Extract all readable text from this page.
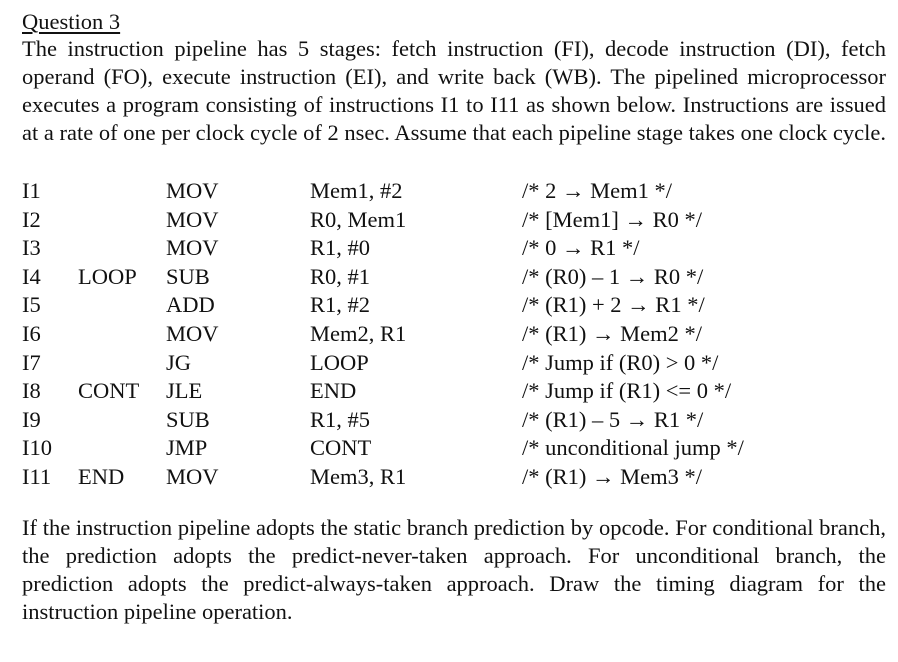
Question 3

The instruction pipeline has 5 stages: fetch instruction (FI), decode instruction (DI), fetch operand (FO), execute instruction (EI), and write back (WB). The pipelined microprocessor executes a program consisting of instructions I1 to I11 as shown below. Instructions are issued at a rate of one per clock cycle of 2 nsec. Assume that each pipeline stage takes one clock cycle.

I1	MOV	Mem1, #2	/* 2 → Mem1 */
I2	MOV	R0, Mem1	/* [Mem1] → R0 */
I3	MOV	R1, #0	/* 0 → R1 */
I4 LOOP SUB	R0, #1	/* (R0) – 1 → R0 */
I5	ADD	R1, #2	/* (R1) + 2 → R1 */
I6	MOV	Mem2, R1	/* (R1) → Mem2 */
I7	JG	LOOP	/* Jump if (R0) > 0 */
I8 CONT JLE	END	/* Jump if (R1) <= 0 */
I9	SUB	R1, #5	/* (R1) – 5 → R1 */
I10	JMP	CONT	/* unconditional jump */
I11 END MOV	Mem3, R1	/* (R1) → Mem3 */

If the instruction pipeline adopts the static branch prediction by opcode. For conditional branch, the prediction adopts the predict-never-taken approach. For unconditional branch, the prediction adopts the predict-always-taken approach. Draw the timing diagram for the instruction pipeline operation.
